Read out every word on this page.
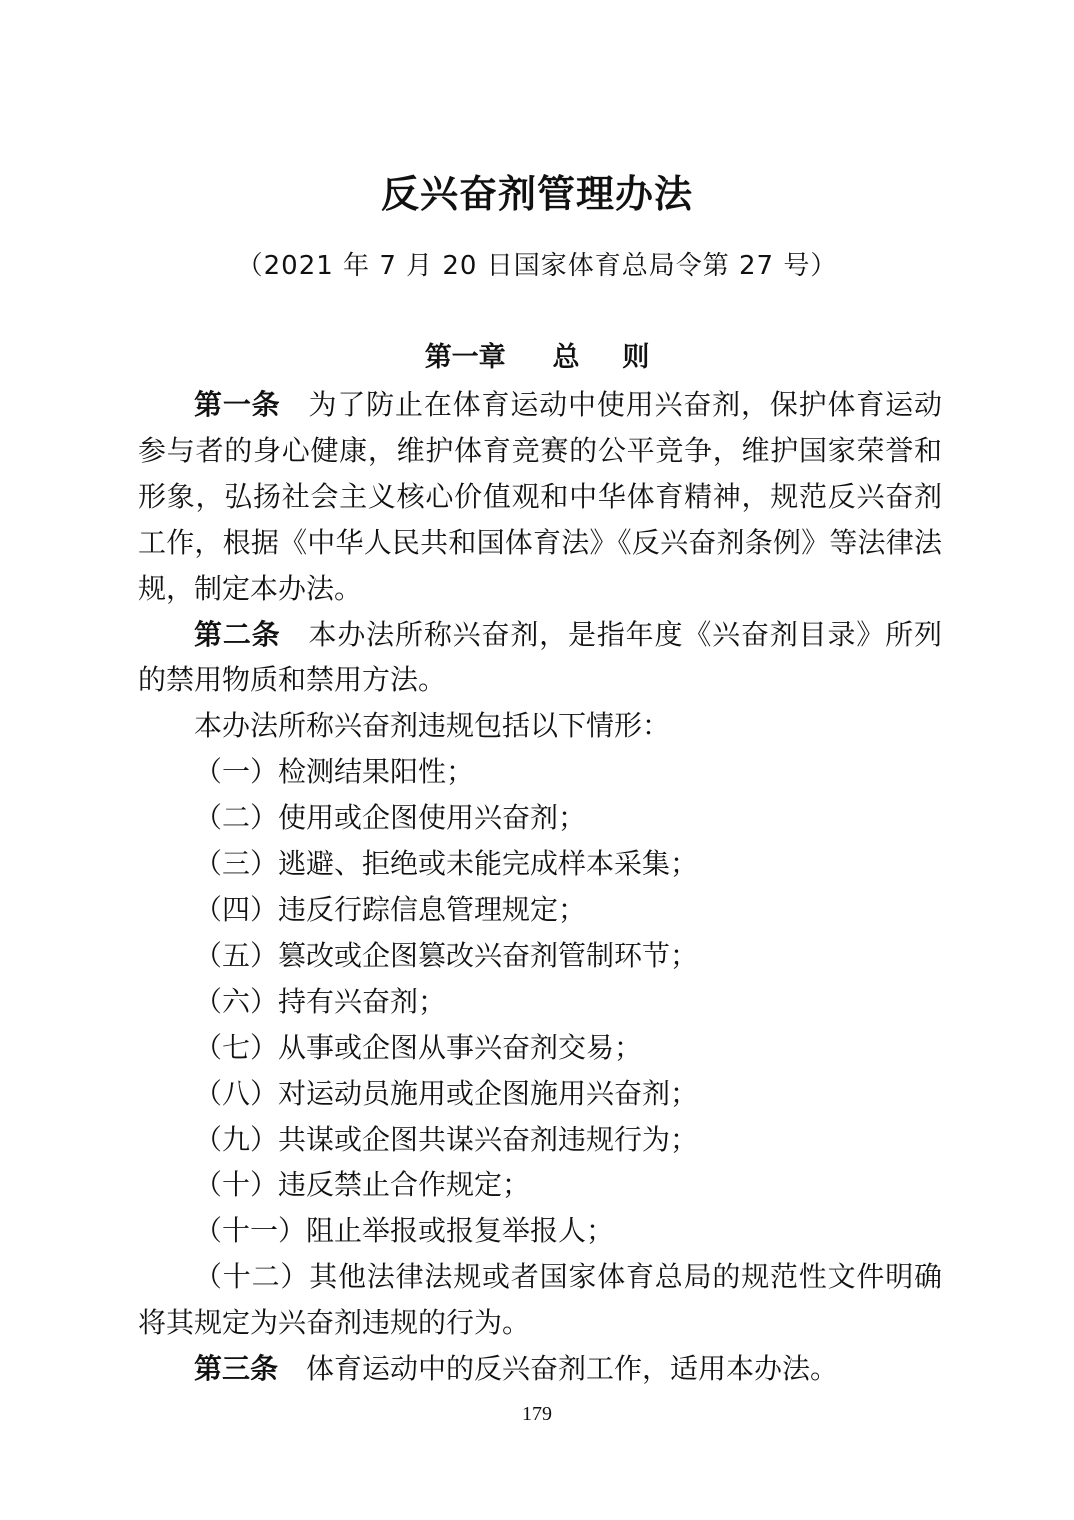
反兴奋剂管理办法
（2021 年 7 月 20 日国家体育总局令第 27 号）
第一章 总 则

第一条 为了防止在体育运动中使用兴奋剂，保护体育运动参与者的身心健康，维护体育竞赛的公平竞争，维护国家荣誉和形象，弘扬社会主义核心价值观和中华体育精神，规范反兴奋剂工作，根据《中华人民共和国体育法》《反兴奋剂条例》等法律法规，制定本办法。

第二条 本办法所称兴奋剂，是指年度《兴奋剂目录》所列的禁用物质和禁用方法。

本办法所称兴奋剂违规包括以下情形：

（一）检测结果阳性；

（二）使用或企图使用兴奋剂；

（三）逃避、拒绝或未能完成样本采集；

（四）违反行踪信息管理规定；

（五）篡改或企图篡改兴奋剂管制环节；

（六）持有兴奋剂；

（七）从事或企图从事兴奋剂交易；

（八）对运动员施用或企图施用兴奋剂；

（九）共谋或企图共谋兴奋剂违规行为；

（十）违反禁止合作规定；

（十一）阻止举报或报复举报人；

（十二）其他法律法规或者国家体育总局的规范性文件明确将其规定为兴奋剂违规的行为。

第三条 体育运动中的反兴奋剂工作，适用本办法。

179
